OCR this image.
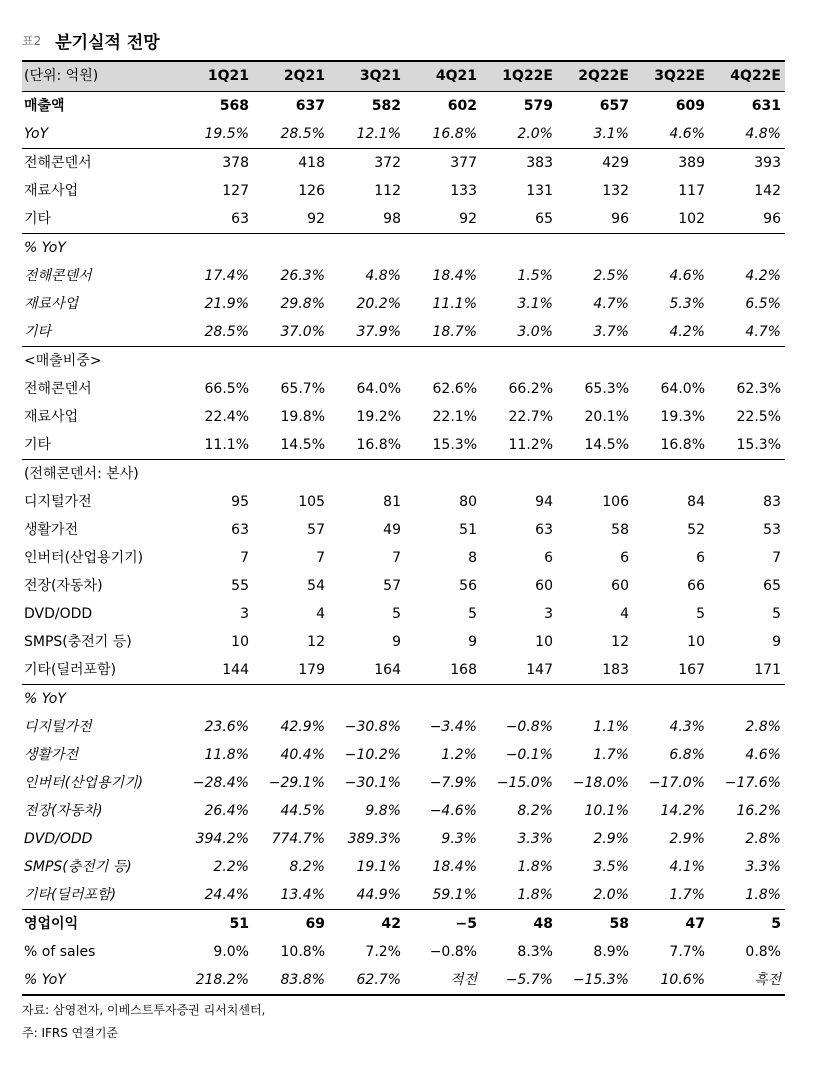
표2 분기실적 전망
(단위: 억원)	1Q21	2Q21	3Q21	4Q21	1Q22E	2Q22E	3Q22E	4Q22E
매출액	568	637	582	602	579	657	609	631
YoY	19.5%	28.5%	12.1%	16.8%	2.0%	3.1%	4.6%	4.8%
전해콘덴서	378	418	372	377	383	429	389	393
재료사업	127	126	112	133	131	132	117	142
기타	63	92	98	92	65	96	102	96
% YoY								
전해콘덴서	17.4%	26.3%	4.8%	18.4%	1.5%	2.5%	4.6%	4.2%
재료사업	21.9%	29.8%	20.2%	11.1%	3.1%	4.7%	5.3%	6.5%
기타	28.5%	37.0%	37.9%	18.7%	3.0%	3.7%	4.2%	4.7%
<매출비중>								
전해콘덴서	66.5%	65.7%	64.0%	62.6%	66.2%	65.3%	64.0%	62.3%
재료사업	22.4%	19.8%	19.2%	22.1%	22.7%	20.1%	19.3%	22.5%
기타	11.1%	14.5%	16.8%	15.3%	11.2%	14.5%	16.8%	15.3%
(전해콘덴서: 본사)								
디지털가전	95	105	81	80	94	106	84	83
생활가전	63	57	49	51	63	58	52	53
인버터(산업용기기)	7	7	7	8	6	6	6	7
전장(자동차)	55	54	57	56	60	60	66	65
DVD/ODD	3	4	5	5	3	4	5	5
SMPS(충전기 등)	10	12	9	9	10	12	10	9
기타(딜러포함)	144	179	164	168	147	183	167	171
% YoY								
디지털가전	23.6%	42.9%	−30.8%	−3.4%	−0.8%	1.1%	4.3%	2.8%
생활가전	11.8%	40.4%	−10.2%	1.2%	−0.1%	1.7%	6.8%	4.6%
인버터(산업용기기)	−28.4%	−29.1%	−30.1%	−7.9%	−15.0%	−18.0%	−17.0%	−17.6%
전장(자동차)	26.4%	44.5%	9.8%	−4.6%	8.2%	10.1%	14.2%	16.2%
DVD/ODD	394.2%	774.7%	389.3%	9.3%	3.3%	2.9%	2.9%	2.8%
SMPS(충전기 등)	2.2%	8.2%	19.1%	18.4%	1.8%	3.5%	4.1%	3.3%
기타(딜러포함)	24.4%	13.4%	44.9%	59.1%	1.8%	2.0%	1.7%	1.8%
영업이익	51	69	42	−5	48	58	47	5
% of sales	9.0%	10.8%	7.2%	−0.8%	8.3%	8.9%	7.7%	0.8%
% YoY	218.2%	83.8%	62.7%	적전	−5.7%	−15.3%	10.6%	흑전
자료: 삼영전자, 이베스트투자증권 리서치센터,
주: IFRS 연결기준
